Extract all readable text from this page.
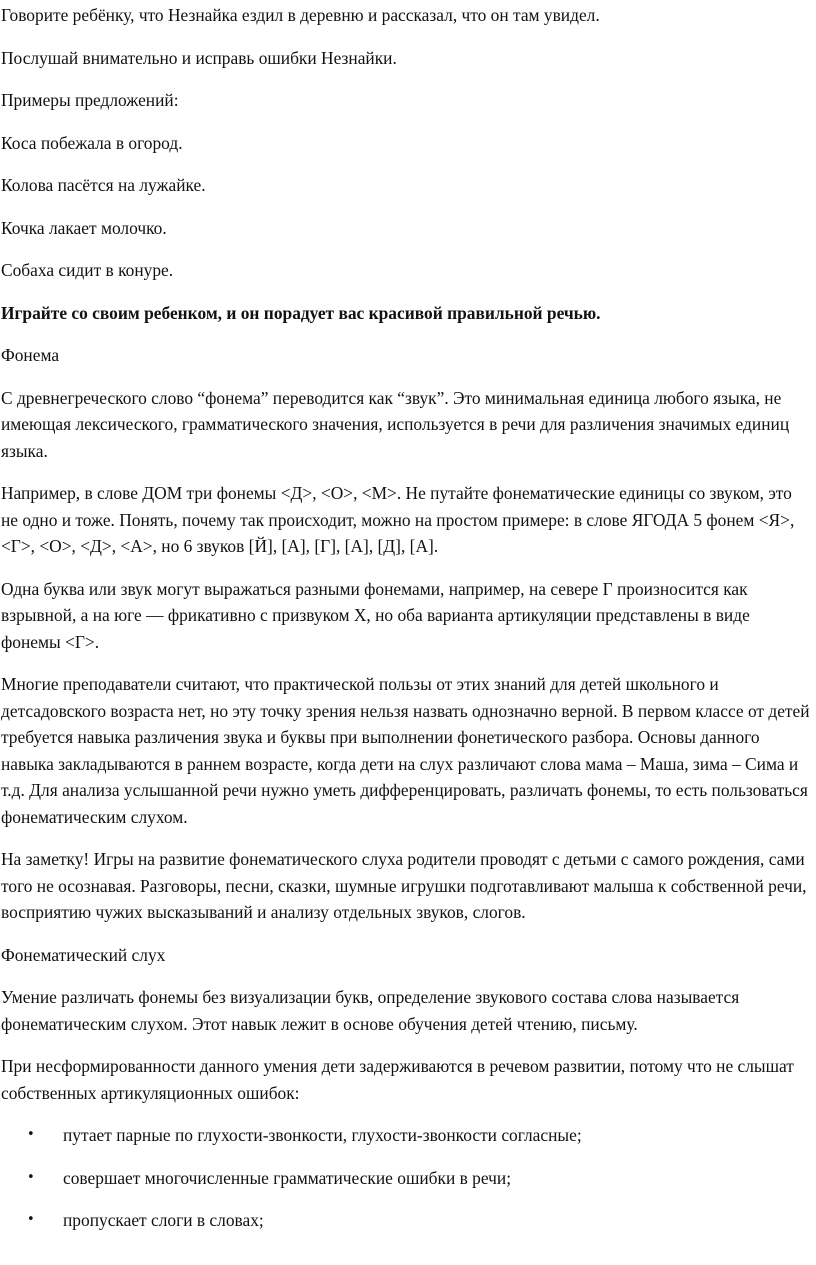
Говорите ребёнку, что Незнайка ездил в деревню и рассказал, что он там увидел.

Послушай внимательно и исправь ошибки Незнайки.

Примеры предложений:

Коса побежала в огород.

Колова пасётся на лужайке.

Кочка лакает молочко.

Собаха сидит в конуре.

Играйте со своим ребенком, и он порадует вас красивой правильной речью.

Фонема

С древнегреческого слово “фонема” переводится как “звук”. Это минимальная единица любого языка, не имеющая лексического, грамматического значения, используется в речи для различения значимых единиц языка.

Например, в слове ДОМ три фонемы <Д>, <О>, <М>. Не путайте фонематические единицы со звуком, это не одно и тоже. Понять, почему так происходит, можно на простом примере: в слове ЯГОДА 5 фонем <Я>, <Г>, <О>, <Д>, <А>, но 6 звуков [Й], [А], [Г], [А], [Д], [А].

Одна буква или звук могут выражаться разными фонемами, например, на севере Г произносится как взрывной, а на юге — фрикативно с призвуком Х, но оба варианта артикуляции представлены в виде фонемы <Г>.

Многие преподаватели считают, что практической пользы от этих знаний для детей школьного и детсадовского возраста нет, но эту точку зрения нельзя назвать однозначно верной. В первом классе от детей требуется навыка различения звука и буквы при выполнении фонетического разбора. Основы данного навыка закладываются в раннем возрасте, когда дети на слух различают слова мама – Маша, зима – Сима и т.д. Для анализа услышанной речи нужно уметь дифференцировать, различать фонемы, то есть пользоваться фонематическим слухом.

На заметку! Игры на развитие фонематического слуха родители проводят с детьми с самого рождения, сами того не осознавая. Разговоры, песни, сказки, шумные игрушки подготавливают малыша к собственной речи, восприятию чужих высказываний и анализу отдельных звуков, слогов.

Фонематический слух

Умение различать фонемы без визуализации букв, определение звукового состава слова называется фонематическим слухом. Этот навык лежит в основе обучения детей чтению, письму.

При несформированности данного умения дети задерживаются в речевом развитии, потому что не слышат собственных артикуляционных ошибок:

• путает парные по глухости-звонкости, глухости-звонкости согласные;
• совершает многочисленные грамматические ошибки в речи;
• пропускает слоги в словах;
